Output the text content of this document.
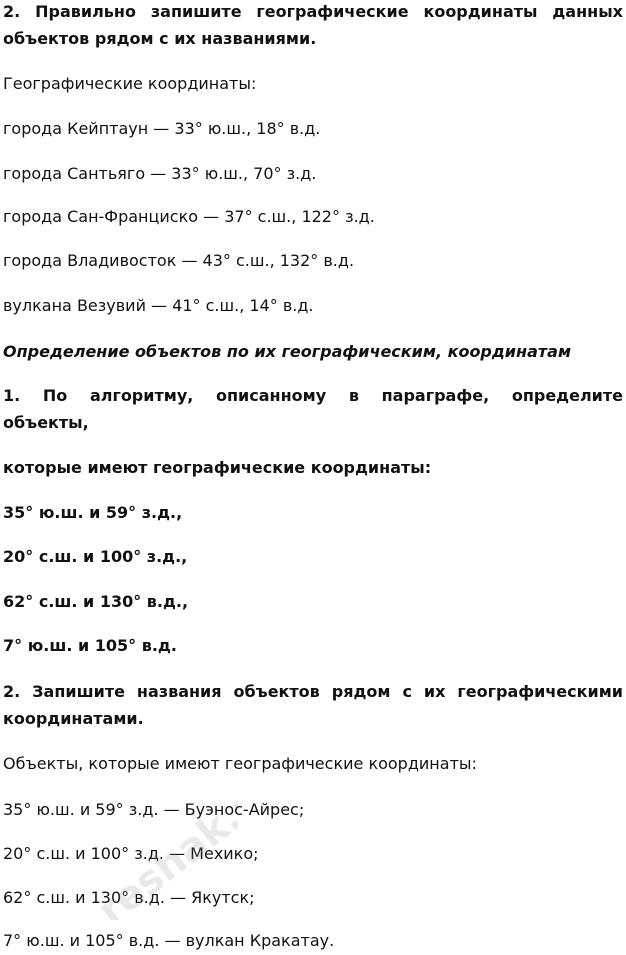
2. Правильно запишите географические координаты данных
объектов рядом с их названиями.
Географические координаты:
города Кейптаун — 33° ю.ш., 18° в.д.
города Сантьяго — 33° ю.ш., 70° з.д.
города Сан-Франциско — 37° с.ш., 122° з.д.
города Владивосток — 43° с.ш., 132° в.д.
вулкана Везувий — 41° с.ш., 14° в.д.
Определение объектов по их географическим, координатам
1. По алгоритму, описанному в параграфе, определите
объекты,
которые имеют географические координаты:
35° ю.ш. и 59° з.д.,
20° с.ш. и 100° з.д.,
62° с.ш. и 130° в.д.,
7° ю.ш. и 105° в.д.
2. Запишите названия объектов рядом с их географическими
координатами.
Объекты, которые имеют географические координаты:
35° ю.ш. и 59° з.д. — Буэнос-Айрес;
20° с.ш. и 100° з.д. — Мехико;
62° с.ш. и 130° в.д. — Якутск;
7° ю.ш. и 105° в.д. — вулкан Кракатау.
reshak.ru
